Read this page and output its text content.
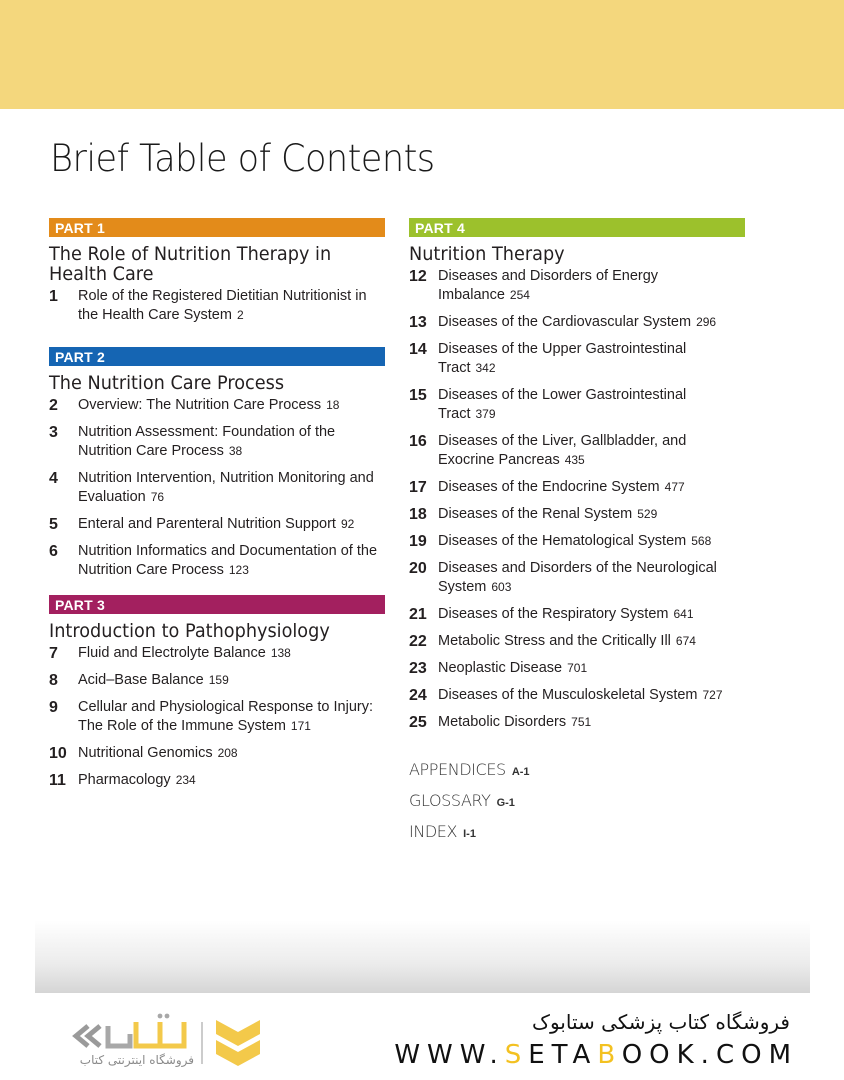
Brief Table of Contents
PART 1
The Role of Nutrition Therapy in Health Care
1	Role of the Registered Dietitian Nutritionist in the Health Care System 2
PART 2
The Nutrition Care Process
2	Overview: The Nutrition Care Process 18
3	Nutrition Assessment: Foundation of the Nutrition Care Process 38
4	Nutrition Intervention, Nutrition Monitoring and Evaluation 76
5	Enteral and Parenteral Nutrition Support 92
6	Nutrition Informatics and Documentation of the Nutrition Care Process 123
PART 3
Introduction to Pathophysiology
7	Fluid and Electrolyte Balance 138
8	Acid–Base Balance 159
9	Cellular and Physiological Response to Injury: The Role of the Immune System 171
10 Nutritional Genomics 208
11 Pharmacology 234
PART 4
Nutrition Therapy
12 Diseases and Disorders of Energy Imbalance 254
13 Diseases of the Cardiovascular System 296
14 Diseases of the Upper Gastrointestinal Tract 342
15 Diseases of the Lower Gastrointestinal Tract 379
16 Diseases of the Liver, Gallbladder, and Exocrine Pancreas 435
17 Diseases of the Endocrine System 477
18 Diseases of the Renal System 529
19 Diseases of the Hematological System 568
20 Diseases and Disorders of the Neurological System 603
21 Diseases of the Respiratory System 641
22 Metabolic Stress and the Critically Ill 674
23 Neoplastic Disease 701
24 Diseases of the Musculoskeletal System 727
25 Metabolic Disorders 751
APPENDICES A-1
GLOSSARY G-1
INDEX I-1
فروشگاه اینترنتی کتاب
فروشگاه کتاب پزشکی ستابوک
WWW.SETABOOK.COM
